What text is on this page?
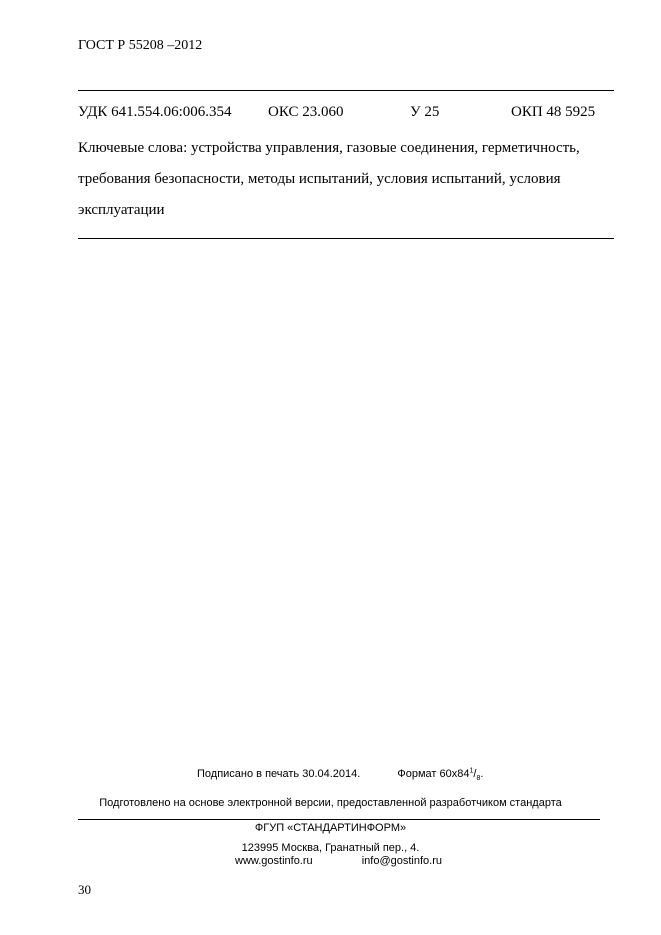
ГОСТ Р 55208 –2012
УДК 641.554.06:006.354 ОКС 23.060	У 25	ОКП 48 5925
Ключевые слова: устройства управления, газовые соединения, герметичность,
требования безопасности, методы испытаний, условия испытаний, условия
эксплуатации
Подписано в печать 30.04.2014.	Формат $60х84^1/_8$.
Подготовлено на основе электронной версии, предоставленной разработчиком стандарта
ФГУП «СТАНДАРТИНФОРМ»
123995 Москва, Гранатный пер., 4.
www.gostinfo.ru	info@gostinfo.ru
30
